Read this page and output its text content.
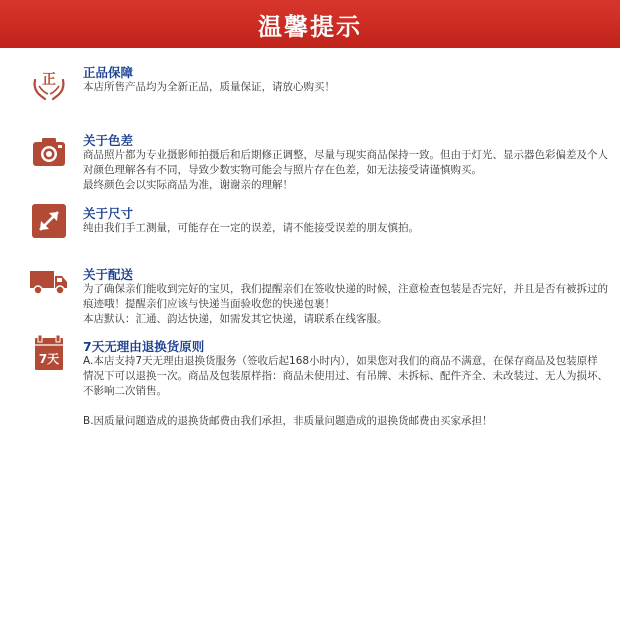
温馨提示
正 正品保障

本店所售产品均为全新正品，质量保证，请放心购买！

关于色差

商品照片都为专业摄影师拍摄后和后期修正调整，尽量与现实商品保持一致。但由于灯光、显示器色彩偏差及个人

对颜色理解各有不同，导致少数实物可能会与照片存在色差，如无法接受请谨慎购买。

最终颜色会以实际商品为准，谢谢亲的理解！

关于尺寸

纯由我们手工测量，可能存在一定的误差，请不能接受误差的朋友慎拍。

关于配送

为了确保亲们能收到完好的宝贝，我们提醒亲们在签收快递的时候，注意检查包装是否完好，并且是否有被拆过的

痕迹哦！提醒亲们应该与快递当面验收您的快递包裹！

本店默认：汇通、韵达快递，如需发其它快递，请联系在线客服。

7天
7天无理由退换货原则

A.本店支持7天无理由退换货服务（签收后起168小时内），如果您对我们的商品不满意，在保存商品及包装原样

情况下可以退换一次。商品及包装原样指：商品未使用过、有吊牌、未拆标、配件齐全、未改装过、无人为损坏、

不影响二次销售。

B.因质量问题造成的退换货邮费由我们承担，非质量问题造成的退换货邮费由买家承担！
